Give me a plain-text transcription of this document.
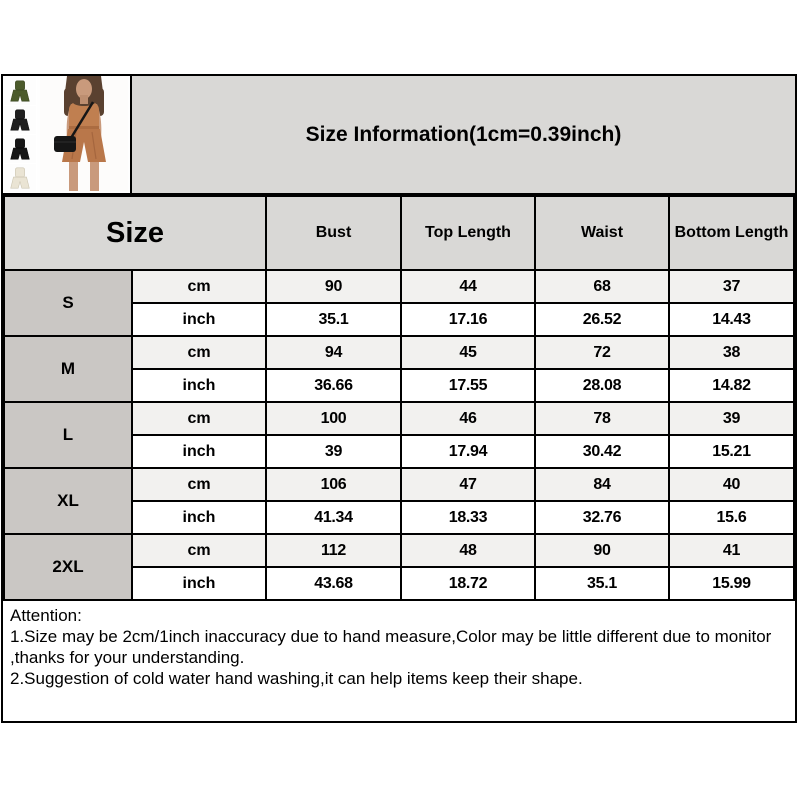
Size Information(1cm=0.39inch)
Size		Bust	Top Length	Waist	Bottom Length
S	cm	90	44	68	37
	inch	35.1	17.16	26.52	14.43
M	cm	94	45	72	38
	inch	36.66	17.55	28.08	14.82
L	cm	100	46	78	39
	inch	39	17.94	30.42	15.21
XL	cm	106	47	84	40
	inch	41.34	18.33	32.76	15.6
2XL	cm	112	48	90	41
	inch	43.68	18.72	35.1	15.99

Attention:

1.Size may be 2cm/1inch inaccuracy due to hand measure,Color may be little different due to monitor ,thanks for your understanding.

2.Suggestion of cold water hand washing,it can help items keep their shape.
